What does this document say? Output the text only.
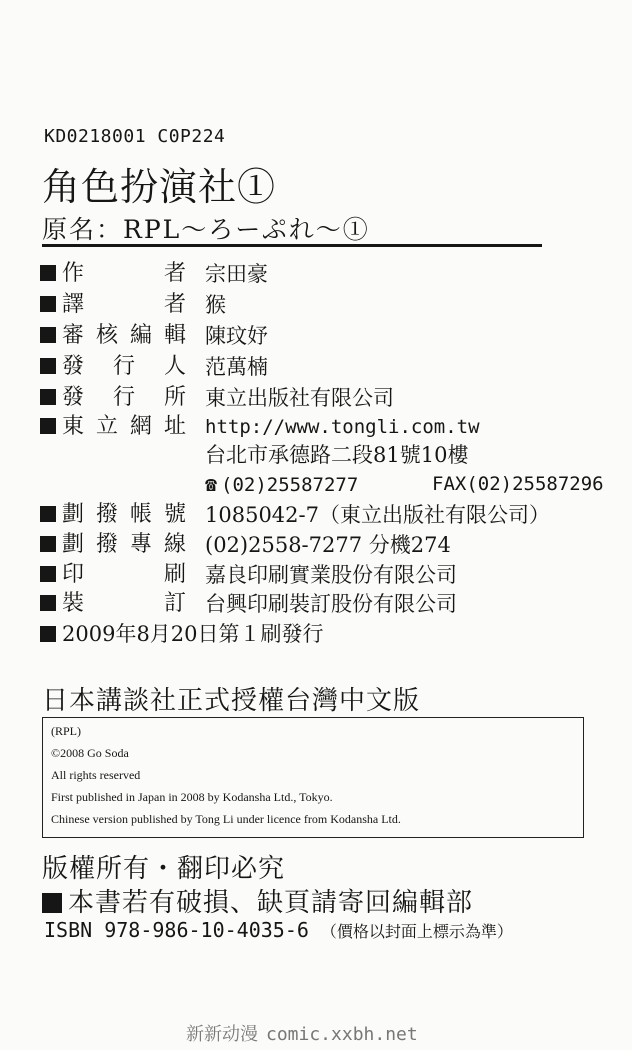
KD0218001 C0P224
角色扮演社①
原名：RPL～ろーぷれ～①
作者 宗田豪
譯者 猴
審核編輯 陳玟妤
發行人 范萬楠
發行所 東立出版社有限公司
東立網址 http://www.tongli.com.tw
台北市承德路二段81號10樓
☎ (02)25587277	FAX(02)25587296
劃撥帳號 1085042-7（東立出版社有限公司）
劃撥專線 (02)2558-7277 分機274
印刷 嘉良印刷實業股份有限公司
裝訂 台興印刷裝訂股份有限公司
2009年8月20日第１刷發行
日本講談社正式授權台灣中文版
(RPL)
©2008 Go Soda
All rights reserved
First published in Japan in 2008 by Kodansha Ltd., Tokyo.
Chinese version published by Tong Li under licence from Kodansha Ltd.
版權所有・翻印必究
本書若有破損、缺頁請寄回編輯部
ISBN 978-986-10-4035-6 （價格以封面上標示為準）
新新动漫 comic.xxbh.net
